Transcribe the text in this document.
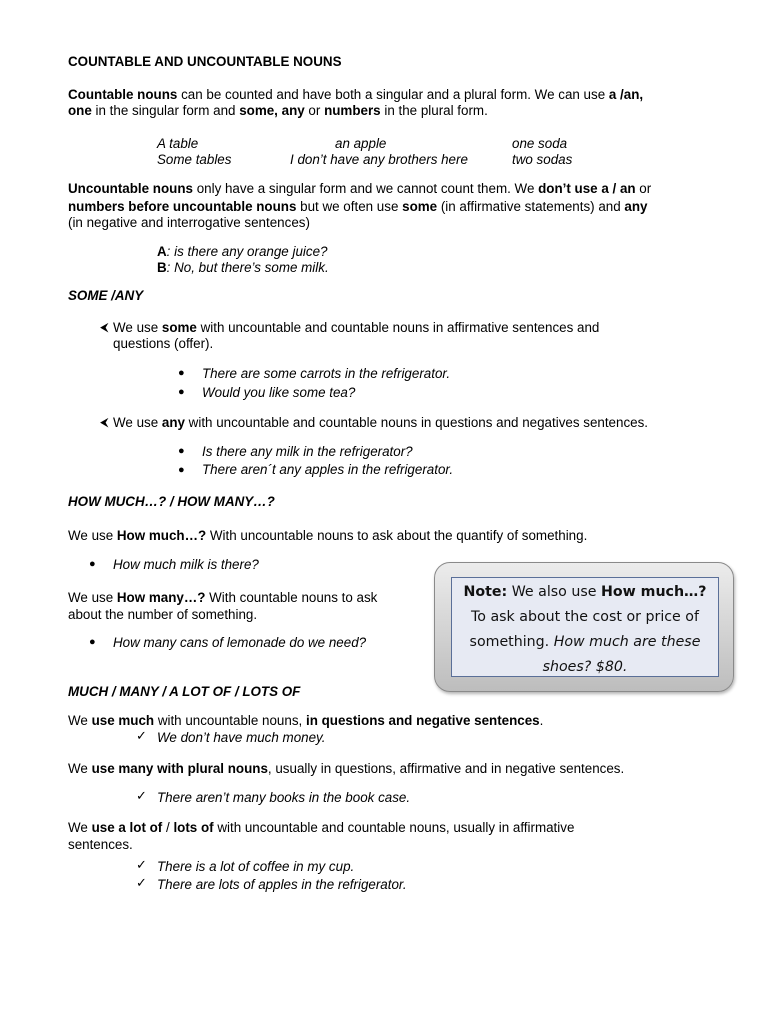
COUNTABLE AND UNCOUNTABLE NOUNS
Countable nouns can be counted and have both a singular and a plural form. We can use a /an,
one in the singular form and some, any or numbers in the plural form.
A table	an apple	one soda
Some tables	I don’t have any brothers here	two sodas
Uncountable nouns only have a singular form and we cannot count them. We don’t use a / an or
numbers before uncountable nouns but we often use some (in affirmative statements) and any
(in negative and interrogative sentences)
A: is there any orange juice?
B: No, but there’s some milk.
SOME /ANY
⮜ We use some with uncountable and countable nouns in affirmative sentences and
questions (offer).
● There are some carrots in the refrigerator.
● Would you like some tea?
⮜ We use any with uncountable and countable nouns in questions and negatives sentences.
● Is there any milk in the refrigerator?
● There aren´t any apples in the refrigerator.
HOW MUCH…? / HOW MANY…?
We use How much…? With uncountable nouns to ask about the quantify of something.
● How much milk is there?
We use How many…? With countable nouns to ask
about the number of something.
● How many cans of lemonade do we need?
Note: We also use How much…?
To ask about the cost or price of
something. How much are these
shoes? $80.
MUCH / MANY / A LOT OF / LOTS OF
We use much with uncountable nouns, in questions and negative sentences.
✓ We don’t have much money.
We use many with plural nouns, usually in questions, affirmative and in negative sentences.
✓ There aren’t many books in the book case.
We use a lot of / lots of with uncountable and countable nouns, usually in affirmative
sentences.
✓ There is a lot of coffee in my cup.
✓ There are lots of apples in the refrigerator.
